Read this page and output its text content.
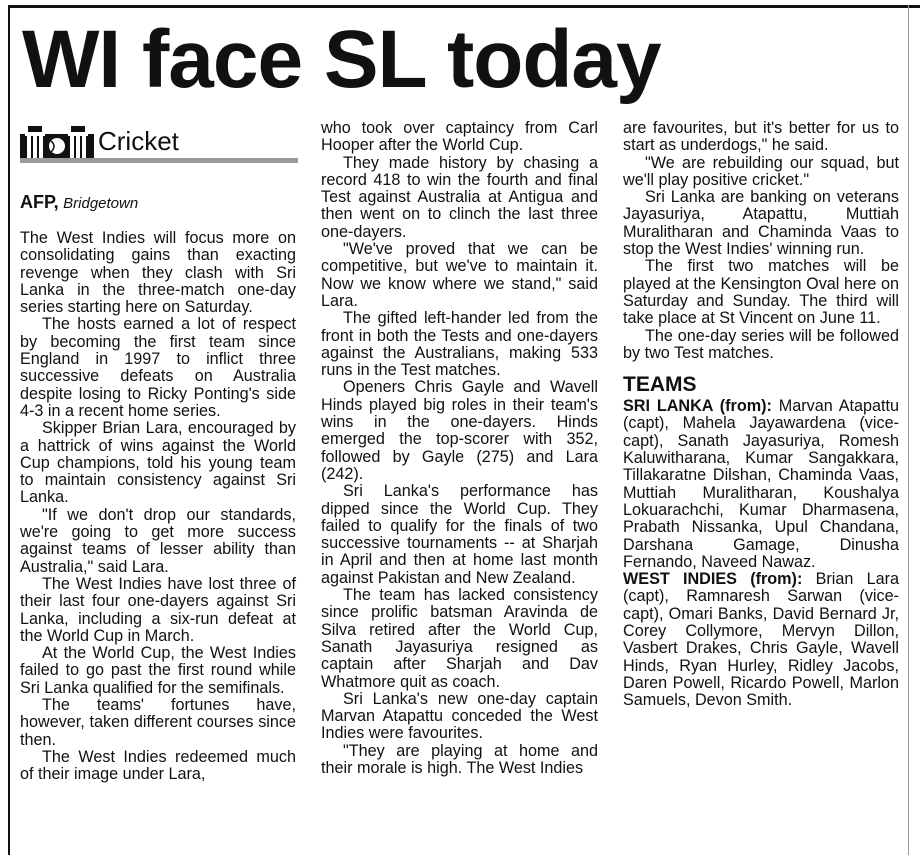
WI face SL today
Cricket
AFP, Bridgetown

The West Indies will focus more on consolidating gains than exacting revenge when they clash with Sri Lanka in the three-match one-day series starting here on Saturday.

The hosts earned a lot of respect by becoming the first team since England in 1997 to inflict three successive defeats on Australia despite losing to Ricky Ponting's side 4-3 in a recent home series.

Skipper Brian Lara, encouraged by a hattrick of wins against the World Cup champions, told his young team to maintain consistency against Sri Lanka.

"If we don't drop our standards, we're going to get more success against teams of lesser ability than Australia," said Lara.

The West Indies have lost three of their last four one-dayers against Sri Lanka, including a six-run defeat at the World Cup in March.

At the World Cup, the West Indies failed to go past the first round while Sri Lanka qualified for the semifinals.

The teams' fortunes have, however, taken different courses since then.

The West Indies redeemed much of their image under Lara,

who took over captaincy from Carl Hooper after the World Cup.

They made history by chasing a record 418 to win the fourth and final Test against Australia at Antigua and then went on to clinch the last three one-dayers.

"We've proved that we can be competitive, but we've to maintain it. Now we know where we stand," said Lara.

The gifted left-hander led from the front in both the Tests and one-dayers against the Australians, making 533 runs in the Test matches.

Openers Chris Gayle and Wavell Hinds played big roles in their team's wins in the one-dayers. Hinds emerged the top-scorer with 352, followed by Gayle (275) and Lara (242).

Sri Lanka's performance has dipped since the World Cup. They failed to qualify for the finals of two successive tournaments -- at Sharjah in April and then at home last month against Pakistan and New Zealand.

The team has lacked consistency since prolific batsman Aravinda de Silva retired after the World Cup, Sanath Jayasuriya resigned as captain after Sharjah and Dav Whatmore quit as coach.

Sri Lanka's new one-day captain Marvan Atapattu conceded the West Indies were favourites.

"They are playing at home and their morale is high. The West Indies

are favourites, but it's better for us to start as underdogs," he said.

"We are rebuilding our squad, but we'll play positive cricket."

Sri Lanka are banking on veterans Jayasuriya, Atapattu, Muttiah Muralitharan and Chaminda Vaas to stop the West Indies' winning run.

The first two matches will be played at the Kensington Oval here on Saturday and Sunday. The third will take place at St Vincent on June 11.

The one-day series will be followed by two Test matches.

TEAMS

SRI LANKA (from): Marvan Atapattu (capt), Mahela Jayawardena (vice-capt), Sanath Jayasuriya, Romesh Kaluwitharana, Kumar Sangakkara, Tillakaratne Dilshan, Chaminda Vaas, Muttiah Muralitharan, Koushalya Lokuarachchi, Kumar Dharmasena, Prabath Nissanka, Upul Chandana, Darshana Gamage, Dinusha Fernando, Naveed Nawaz.

WEST INDIES (from): Brian Lara (capt), Ramnaresh Sarwan (vice-capt), Omari Banks, David Bernard Jr, Corey Collymore, Mervyn Dillon, Vasbert Drakes, Chris Gayle, Wavell Hinds, Ryan Hurley, Ridley Jacobs, Daren Powell, Ricardo Powell, Marlon Samuels, Devon Smith.
